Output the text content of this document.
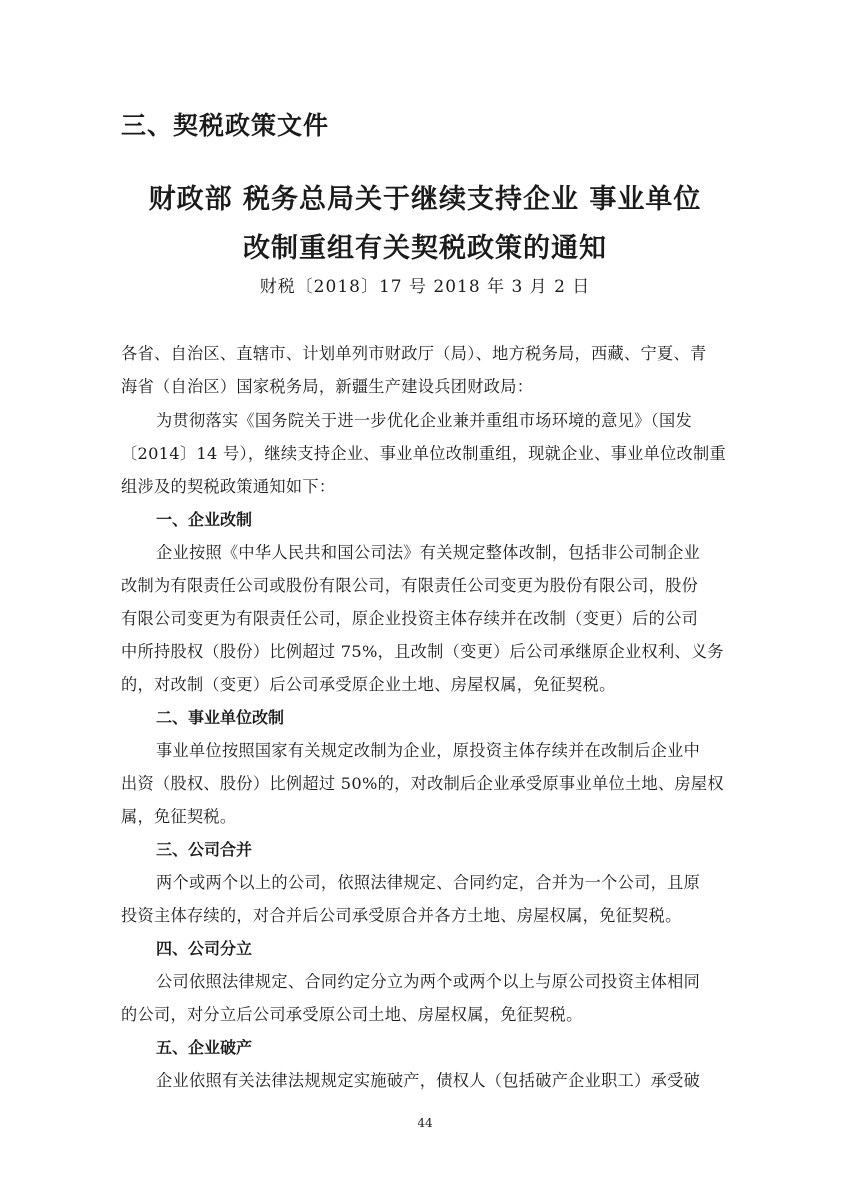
三、契税政策文件
财政部 税务总局关于继续支持企业 事业单位
改制重组有关契税政策的通知
财税〔2018〕17 号 2018 年 3 月 2 日
各省、自治区、直辖市、计划单列市财政厅（局）、地方税务局，西藏、宁夏、青
海省（自治区）国家税务局，新疆生产建设兵团财政局：
为贯彻落实《国务院关于进一步优化企业兼并重组市场环境的意见》（国发
〔2014〕14 号），继续支持企业、事业单位改制重组，现就企业、事业单位改制重
组涉及的契税政策通知如下：
一、企业改制
企业按照《中华人民共和国公司法》有关规定整体改制，包括非公司制企业
改制为有限责任公司或股份有限公司，有限责任公司变更为股份有限公司，股份
有限公司变更为有限责任公司，原企业投资主体存续并在改制（变更）后的公司
中所持股权（股份）比例超过 75%，且改制（变更）后公司承继原企业权利、义务
的，对改制（变更）后公司承受原企业土地、房屋权属，免征契税。
二、事业单位改制
事业单位按照国家有关规定改制为企业，原投资主体存续并在改制后企业中
出资（股权、股份）比例超过 50%的，对改制后企业承受原事业单位土地、房屋权
属，免征契税。
三、公司合并
两个或两个以上的公司，依照法律规定、合同约定，合并为一个公司，且原
投资主体存续的，对合并后公司承受原合并各方土地、房屋权属，免征契税。
四、公司分立
公司依照法律规定、合同约定分立为两个或两个以上与原公司投资主体相同
的公司，对分立后公司承受原公司土地、房屋权属，免征契税。
五、企业破产
企业依照有关法律法规规定实施破产，债权人（包括破产企业职工）承受破
44
